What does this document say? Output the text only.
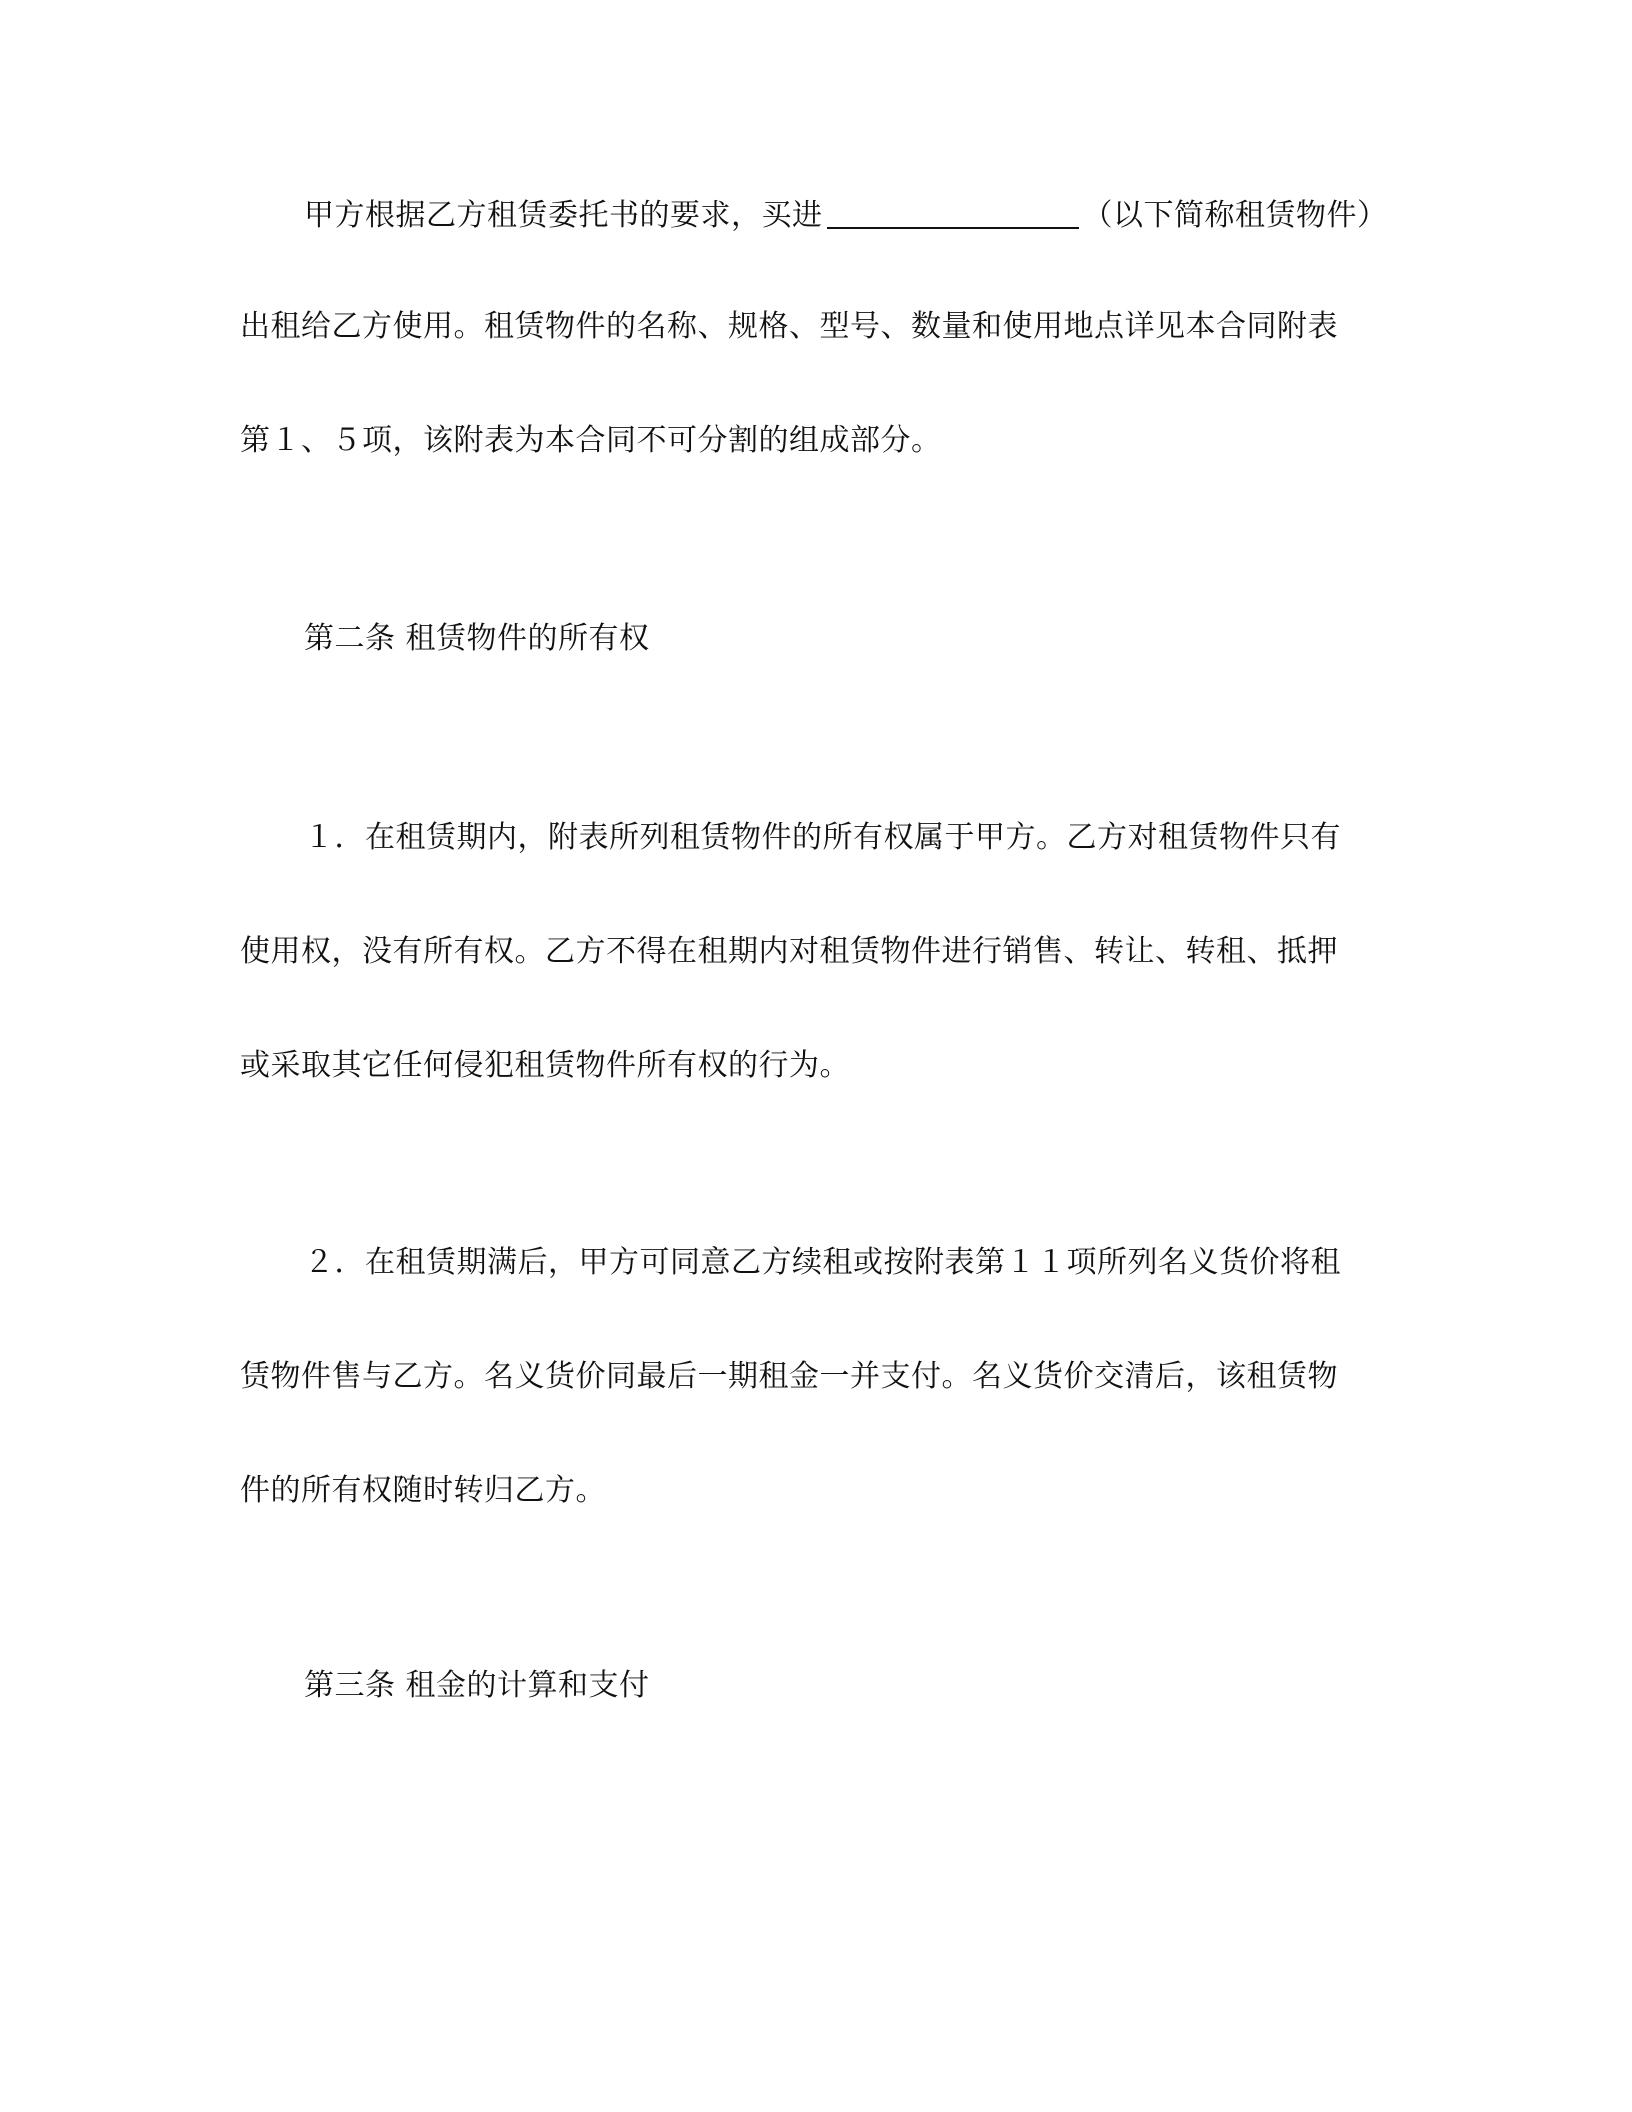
甲方根据乙方租赁委托书的要求，买进	（以下简称租赁物件）
出租给乙方使用。租赁物件的名称、规格、型号、数量和使用地点详见本合同附表
第１、５项，该附表为本合同不可分割的组成部分。
第二条 租赁物件的所有权
１．在租赁期内，附表所列租赁物件的所有权属于甲方。乙方对租赁物件只有
使用权，没有所有权。乙方不得在租期内对租赁物件进行销售、转让、转租、抵押
或采取其它任何侵犯租赁物件所有权的行为。
２．在租赁期满后，甲方可同意乙方续租或按附表第１１项所列名义货价将租
赁物件售与乙方。名义货价同最后一期租金一并支付。名义货价交清后，该租赁物
件的所有权随时转归乙方。
第三条 租金的计算和支付
